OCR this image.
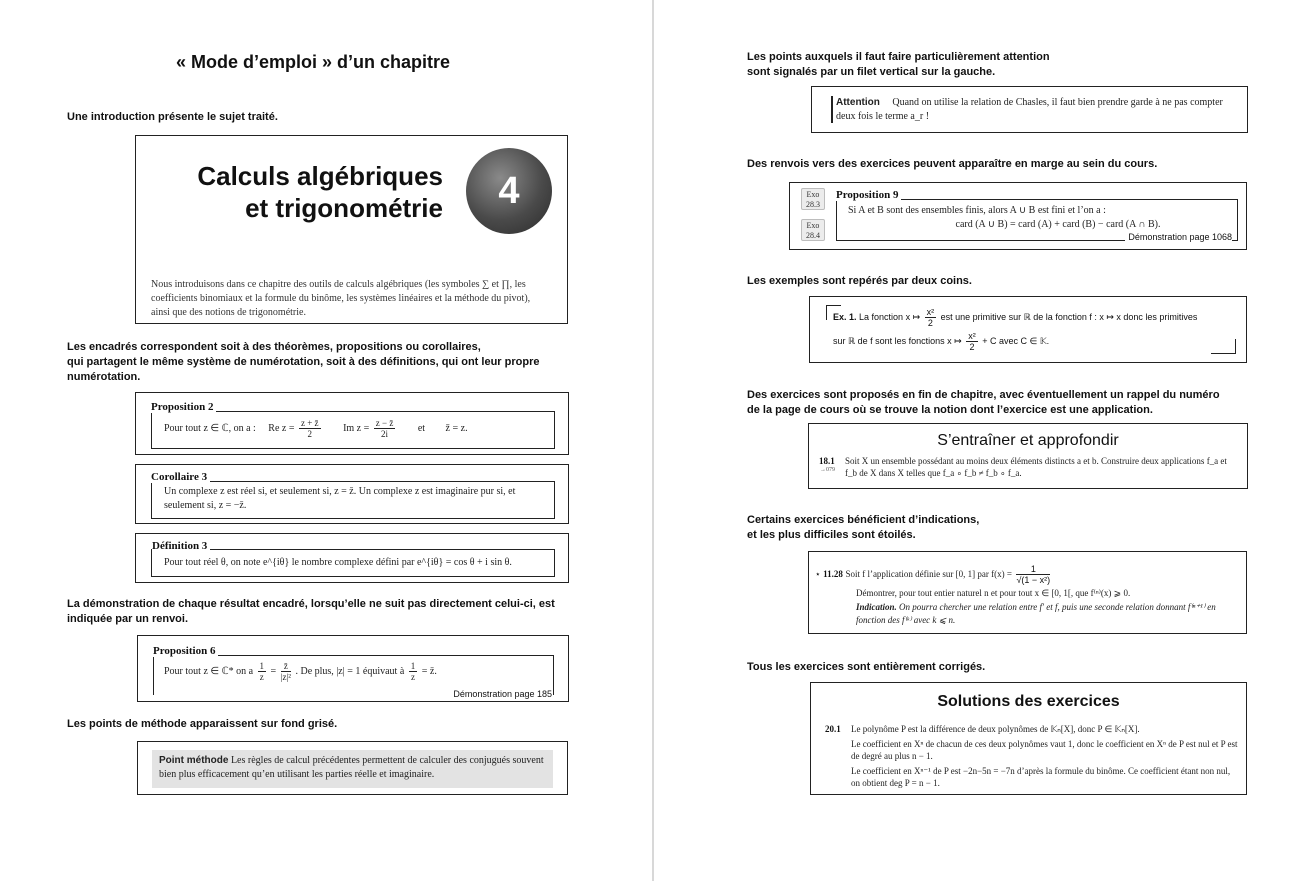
« Mode d’emploi » d’un chapitre
Une introduction présente le sujet traité.
Calculs algébriques
et trigonométrie	4
Nous introduisons dans ce chapitre des outils de calculs algébriques (les symboles ∑ et ∏, les coefficients binomiaux et la formule du binôme, les systèmes linéaires et la méthode du pivot), ainsi que des notions de trigonométrie.
Les encadrés correspondent soit à des théorèmes, propositions ou corollaires,
qui partagent le même système de numérotation, soit à des définitions, qui ont leur propre
numérotation.
Proposition 2
Pour tout z ∈ ℂ, on a : Re $z = \frac{z + z̄}{2}$ Im $z = \frac{z - z̄}{2i}$ et z̄̄ = z.
Corollaire 3
Un complexe z est réel si, et seulement si, z = z̄. Un complexe z est imaginaire pur si, et seulement si, z = −z̄.
Définition 3
Pour tout réel θ, on note e^{iθ} le nombre complexe défini par e^{iθ} = cos θ + i sin θ.
La démonstration de chaque résultat encadré, lorsqu’elle ne suit pas directement celui-ci, est
indiquée par un renvoi.
Proposition 6
Pour tout z ∈ ℂ* on a $\frac{1}{z} = \frac{z̄}{\text{|z|²}}$ . De plus, |z| = 1 équivaut à $\frac{1}{z}$ = z̄.
Démonstration page 185
Les points de méthode apparaissent sur fond grisé.
Point méthode Les règles de calcul précédentes permettent de calculer des conjugués souvent bien plus efficacement qu’en utilisant les parties réelle et imaginaire.
Les points auxquels il faut faire particulièrement attention
sont signalés par un filet vertical sur la gauche.
Attention Quand on utilise la relation de Chasles, il faut bien prendre garde à ne pas compter deux fois le terme a_r !
Des renvois vers des exercices peuvent apparaître en marge au sein du cours.
Exo
28.3
Exo
28.4
Proposition 9
Si A et B sont des ensembles finis, alors A ∪ B est fini et l’on a :
card (A ∪ B) = card (A) + card (B) − card (A ∩ B).
Démonstration page 1068
Les exemples sont repérés par deux coins.
Ex. 1. La fonction x ↦ $\frac{\text{x²}}{2}$ est une primitive sur ℝ de la fonction f : x ↦ x donc les primitives
sur ℝ de f sont les fonctions x ↦ $\frac{\text{x²}}{2} + C$ avec C ∈ 𝕂.
Des exercices sont proposés en fin de chapitre, avec éventuellement un rappel du numéro
de la page de cours où se trouve la notion dont l’exercice est une application.
S’entraîner et approfondir
18.1
→079
Soit X un ensemble possédant au moins deux éléments distincts a et b. Construire deux applications f_a et f_b de X dans X telles que f_a ∘ f_b ≠ f_b ∘ f_a.
Certains exercices bénéficient d’indications,
et les plus difficiles sont étoilés.
⋆ 11.28 Soit f l’application définie sur [0, 1] par $f(x) = \frac{1}{\text{√(1 − x²)}}$
Démontrer, pour tout entier naturel n et pour tout x ∈ [0, 1[, que f⁽ⁿ⁾(x) ⩾ 0.
Indication. On pourra chercher une relation entre f′ et f, puis une seconde relation donnant f⁽ⁿ⁺¹⁾ en fonction des f⁽ᵏ⁾ avec k ⩽ n.
Tous les exercices sont entièrement corrigés.
Solutions des exercices
20.1 Le polynôme P est la différence de deux polynômes de 𝕂ₙ[X], donc P ∈ 𝕂ₙ[X].
Le coefficient en Xⁿ de chacun de ces deux polynômes vaut 1, donc le coefficient en Xⁿ de P est nul et P est de degré au plus n − 1.
Le coefficient en Xⁿ⁻¹ de P est −2n−5n = −7n d’après la formule du binôme. Ce coefficient étant non nul, on obtient deg P = n − 1.
